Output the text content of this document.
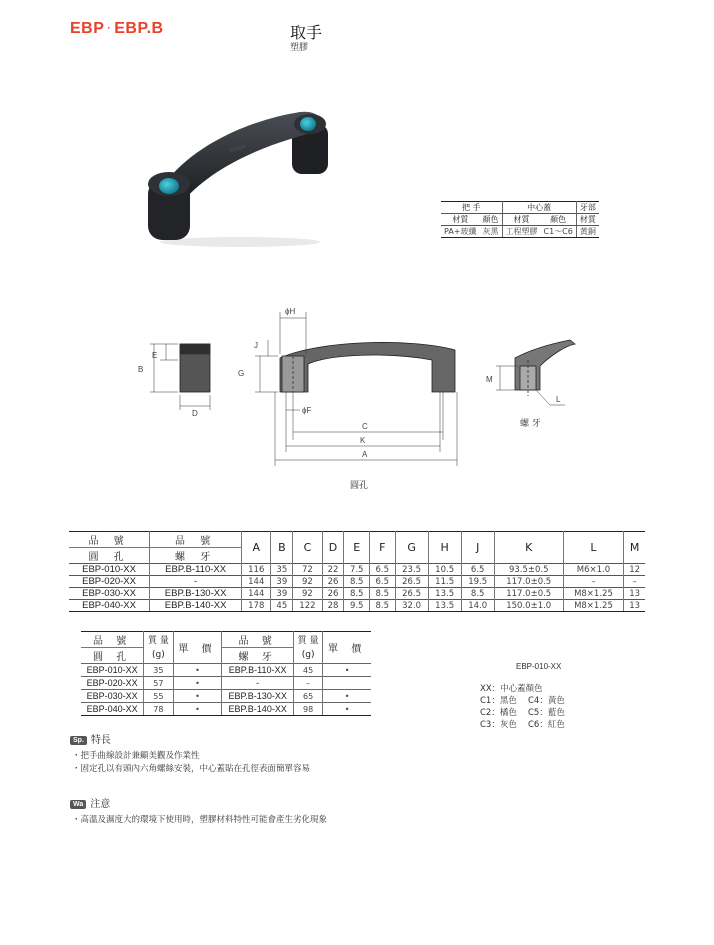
EBP · EBP.B	取手
塑膠
ELESA
把 手		中心蓋		牙部
材質	顏色	材質	顏色	材質
PA+玻纖	灰黑	工程塑膠	C1〜C6	黃銅
B
E
D
ϕH
J
G
ϕF
C
K
A
M
L
圓孔
螺 牙
品 號	品 號	A	B	C	D	E	F	G	H	J	K	L	M
圓 孔	螺 牙												
EBP-010-XX	EBP.B-110-XX	116	35	72	22	7.5	6.5	23.5	10.5	6.5	93.5±0.5	M6×1.0	12
EBP-020-XX	-	144	39	92	26	8.5	6.5	26.5	11.5	19.5	117.0±0.5	–	–
EBP-030-XX	EBP.B-130-XX	144	39	92	26	8.5	8.5	26.5	13.5	8.5	117.0±0.5	M8×1.25	13
EBP-040-XX	EBP.B-140-XX	178	45	122	28	9.5	8.5	32.0	13.5	14.0	150.0±1.0	M8×1.25	13
品 號	質 量	單 價	品 號	質 量	單 價
圓 孔	(g)		螺 牙	(g)	
EBP-010-XX	35	•	EBP.B-110-XX	45	•
EBP-020-XX	57	•	-	–	
EBP-030-XX	55	•	EBP.B-130-XX	65	•
EBP-040-XX	78	•	EBP.B-140-XX	98	•
EBP-010-XX
XX：中心蓋顏色
C1：黑色 C4：黃色
C2：橘色 C5：藍色
C3：灰色 C6：紅色
Sp. 特長
・把手曲線設計兼顧美觀及作業性
・固定孔以有頭內六角螺絲安裝，中心蓋貼在孔徑表面簡單容易
Wa 注意
・高溫及濕度大的環境下使用時，塑膠材料特性可能會產生劣化現象
